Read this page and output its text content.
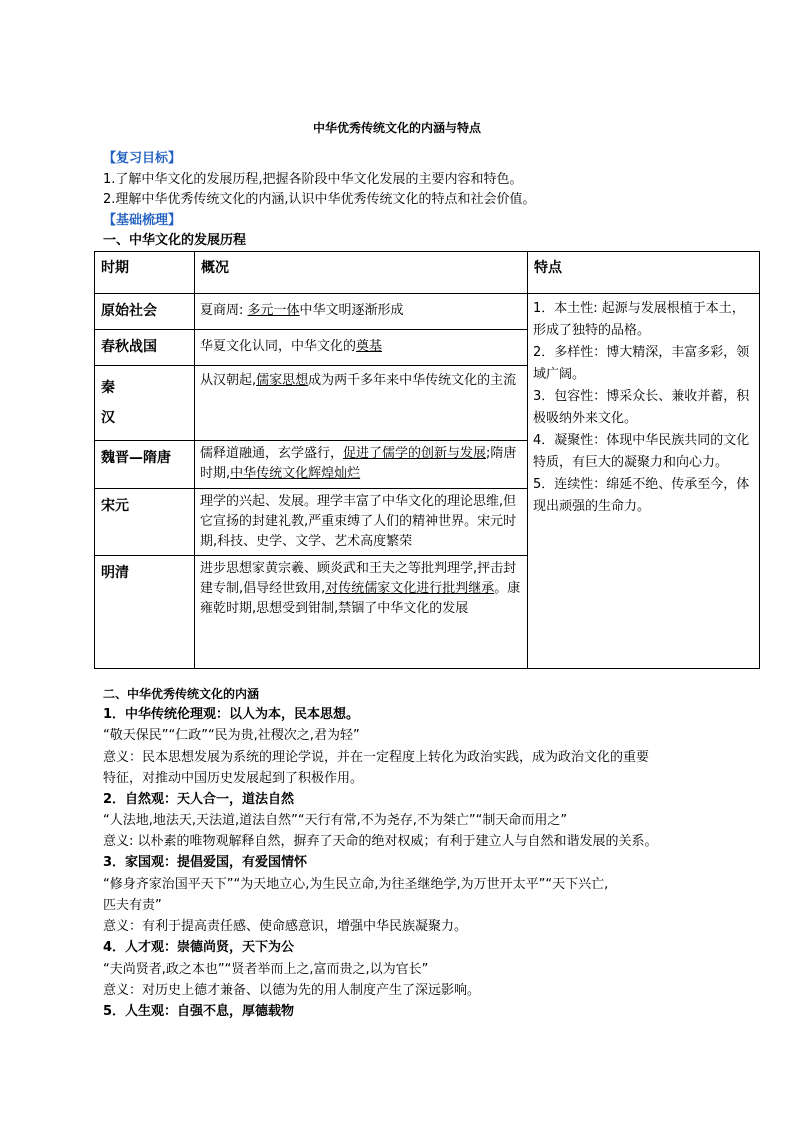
中华优秀传统文化的内涵与特点
【复习目标】
1.了解中华文化的发展历程,把握各阶段中华文化发展的主要内容和特色。
2.理解中华优秀传统文化的内涵,认识中华优秀传统文化的特点和社会价值。
【基础梳理】
一、中华文化的发展历程
时期	概况	特点
原始社会	夏商周: 多元一体中华文明逐渐形成	1．本土性: 起源与发展根植于本土，形成了独特的品格。
2．多样性：博大精深，丰富多彩，领域广阔。
3．包容性：博采众长、兼收并蓄，积极吸纳外来文化。
4．凝聚性：体现中华民族共同的文化特质，有巨大的凝聚力和向心力。
5．连续性：绵延不绝、传承至今，体现出顽强的生命力。

春秋战国	华夏文化认同，中华文化的奠基	

秦
汉	从汉朝起,儒家思想成为两千多年来中华传统文化的主流	
魏晋—隋唐	儒释道融通，玄学盛行，促进了儒学的创新与发展;隋唐时期,中华传统文化辉煌灿烂	
宋元	理学的兴起、发展。理学丰富了中华文化的理论思维,但它宣扬的封建礼教,严重束缚了人们的精神世界。宋元时期,科技、史学、文学、艺术高度繁荣	
明清	进步思想家黄宗羲、顾炎武和王夫之等批判理学,抨击封建专制,倡导经世致用,对传统儒家文化进行批判继承。康雍乾时期,思想受到钳制,禁锢了中华文化的发展	
二、中华优秀传统文化的内涵
1．中华传统伦理观：以人为本，民本思想。
“敬天保民”“仁政”“民为贵,社稷次之,君为轻”
意义：民本思想发展为系统的理论学说，并在一定程度上转化为政治实践，成为政治文化的重要
特征，对推动中国历史发展起到了积极作用。
2．自然观：天人合一，道法自然
“人法地,地法天,天法道,道法自然”“天行有常,不为尧存,不为桀亡”“制天命而用之”
意义: 以朴素的唯物观解释自然，摒弃了天命的绝对权威；有利于建立人与自然和谐发展的关系。
3．家国观：提倡爱国，有爱国情怀
“修身齐家治国平天下”“为天地立心,为生民立命,为往圣继绝学,为万世开太平”“天下兴亡,
匹夫有责”
意义：有利于提高责任感、使命感意识，增强中华民族凝聚力。
4．人才观：崇德尚贤，天下为公
“夫尚贤者,政之本也”“贤者举而上之,富而贵之,以为官长”
意义：对历史上德才兼备、以德为先的用人制度产生了深远影响。
5．人生观：自强不息，厚德载物
